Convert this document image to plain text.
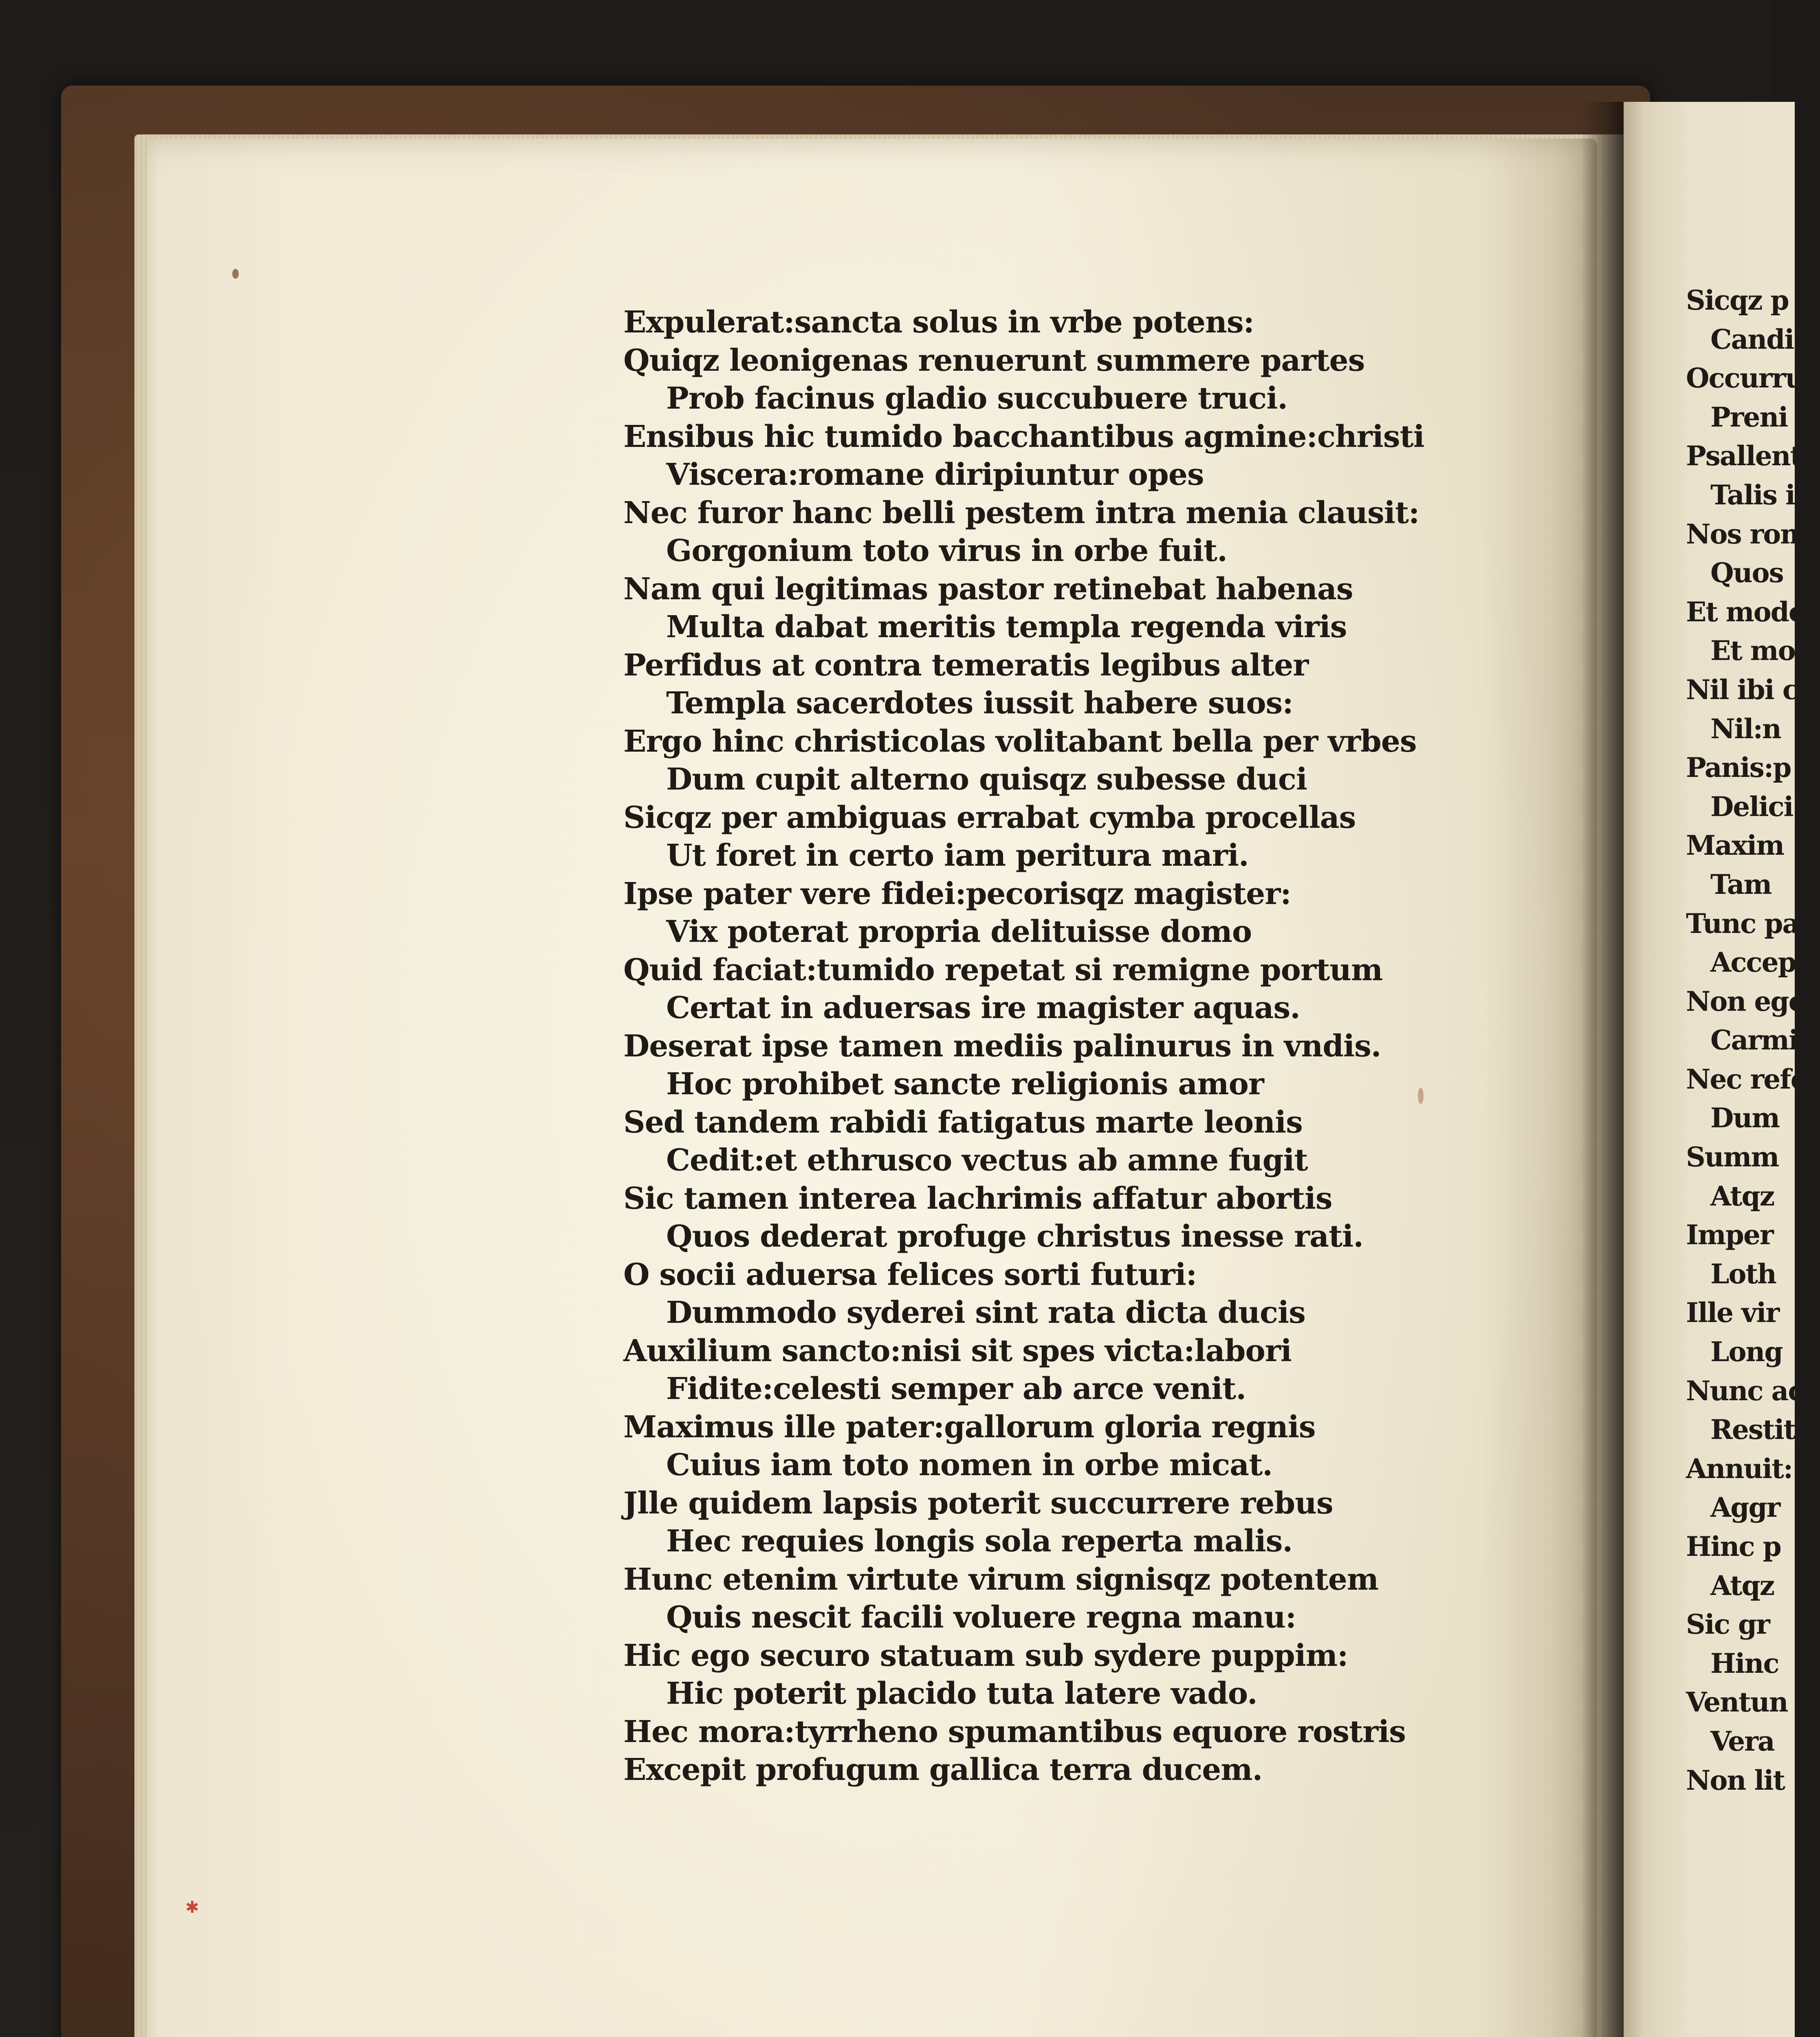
Expulerat:sancta solus in vrbe potens:
Quiqz leonigenas renuerunt summere partes
Prob facinus gladio succubuere truci.
Ensibus hic tumido bacchantibus agmine:christi
Viscera:romane diripiuntur opes
Nec furor hanc belli pestem intra menia clausit:
Gorgonium toto virus in orbe fuit.
Nam qui legitimas pastor retinebat habenas
Multa dabat meritis templa regenda viris
Perfidus at contra temeratis legibus alter
Templa sacerdotes iussit habere suos:
Ergo hinc christicolas volitabant bella per vrbes
Dum cupit alterno quisqz subesse duci
Sicqz per ambiguas errabat cymba procellas
Ut foret in certo iam peritura mari.
Ipse pater vere fidei:pecorisqz magister:
Vix poterat propria delituisse domo
Quid faciat:tumido repetat si remigne portum
Certat in aduersas ire magister aquas.
Deserat ipse tamen mediis palinurus in vndis.
Hoc prohibet sancte religionis amor
Sed tandem rabidi fatigatus marte leonis
Cedit:et ethrusco vectus ab amne fugit
Sic tamen interea lachrimis affatur abortis
Quos dederat profuge christus inesse rati.
O socii aduersa felices sorti futuri:
Dummodo syderei sint rata dicta ducis
Auxilium sancto:nisi sit spes victa:labori
Fidite:celesti semper ab arce venit.
Maximus ille pater:gallorum gloria regnis
Cuius iam toto nomen in orbe micat.
Jlle quidem lapsis poterit succurrere rebus
Hec requies longis sola reperta malis.
Hunc etenim virtute virum signisqz potentem
Quis nescit facili voluere regna manu:
Hic ego securo statuam sub sydere puppim:
Hic poterit placido tuta latere vado.
Hec mora:tyrrheno spumantibus equore rostris
Excepit profugum gallica terra ducem.
Sicqz p
Candi
Occurru
Preni
Psallente
Talis i
Nos rom
Quos
Et modo
Et mo
Nil ibi c
Nil:n
Panis:p
Delici
Maxim
Tam
Tunc pa
Accep
Non ego
Carmi
Nec refer
Dum
Summ
Atqz
Imper
Loth
Ille vir
Long
Nunc ac
Restit
Annuit:
Aggr
Hinc p
Atqz
Sic gr
Hinc
Ventun
Vera
Non lit
✱
